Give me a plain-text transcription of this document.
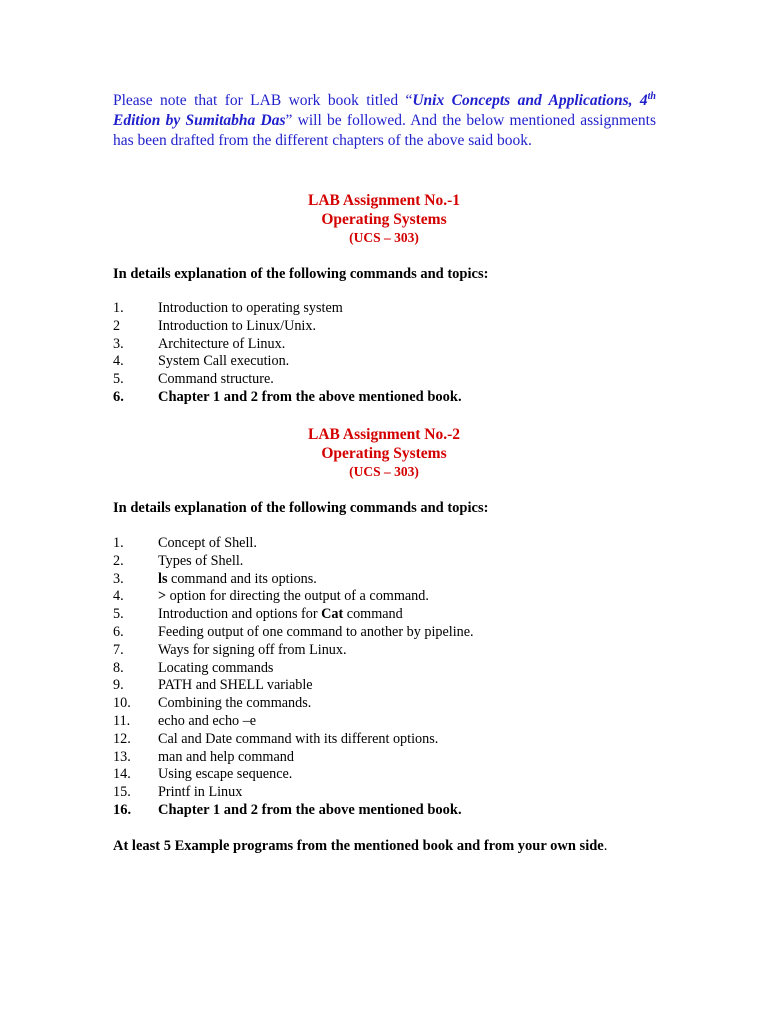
Please note that for LAB work book titled “Unix Concepts and Applications, 4th Edition by Sumitabha Das” will be followed. And the below mentioned assignments has been drafted from the different chapters of the above said book.

LAB Assignment No.-1
Operating Systems
(UCS – 303)
In details explanation of the following commands and topics:
1.	Introduction to operating system
2	Introduction to Linux/Unix.
3.	Architecture of Linux.
4.	System Call execution.
5.	Command structure.
6.	Chapter 1 and 2 from the above mentioned book.
LAB Assignment No.-2
Operating Systems
(UCS – 303)
In details explanation of the following commands and topics:
1.	Concept of Shell.
2.	Types of Shell.
3.	ls command and its options.
4.	> option for directing the output of a command.
5.	Introduction and options for Cat command
6.	Feeding output of one command to another by pipeline.
7.	Ways for signing off from Linux.
8.	Locating commands
9.	PATH and SHELL variable
10.	Combining the commands.
11.	echo and echo –e
12.	Cal and Date command with its different options.
13.	man and help command
14.	Using escape sequence.
15.	Printf in Linux
16.	Chapter 1 and 2 from the above mentioned book.
At least 5 Example programs from the mentioned book and from your own side.
